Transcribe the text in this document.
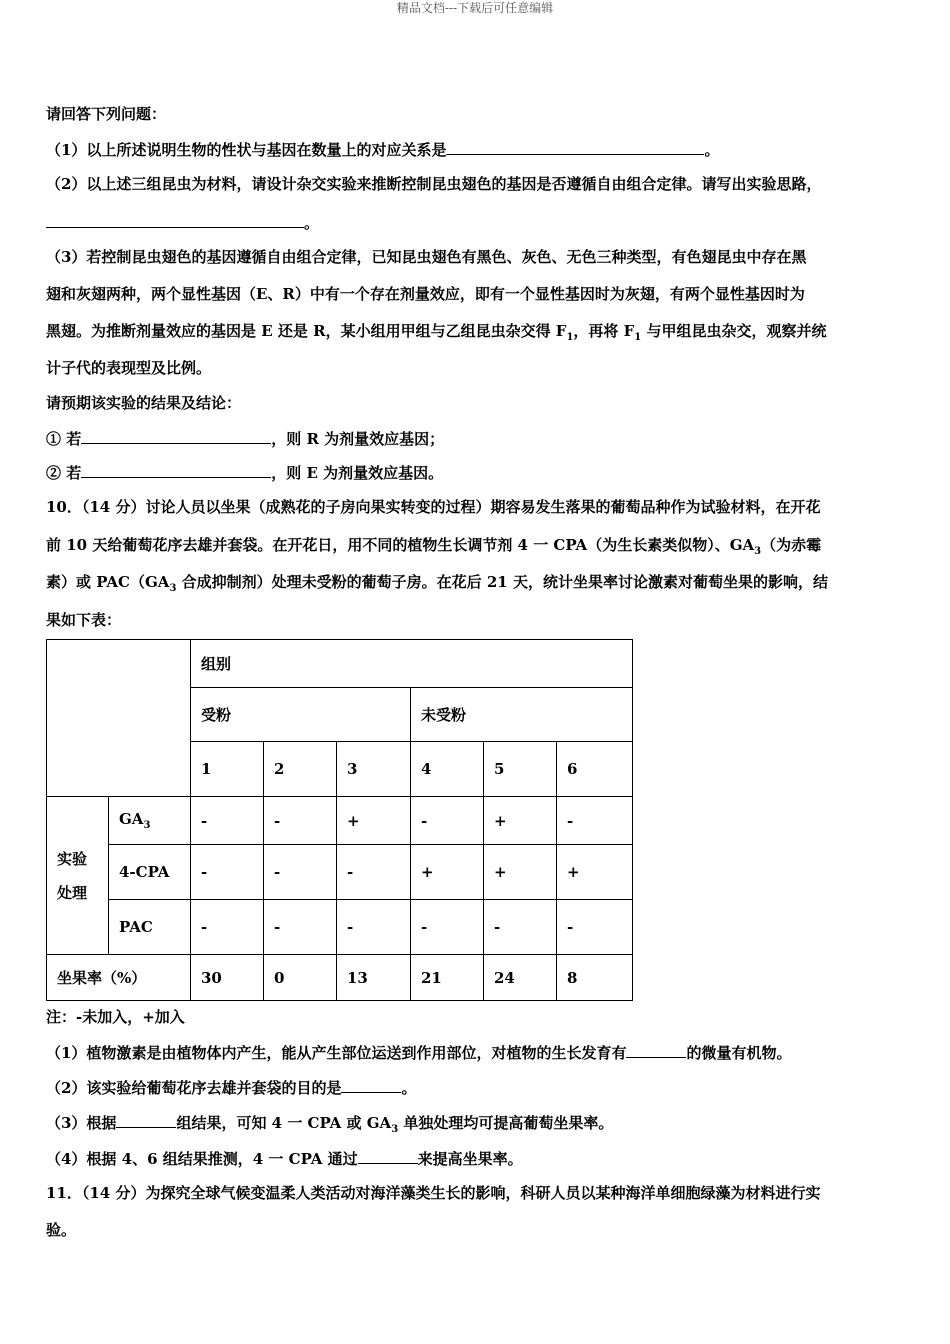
精品文档---下载后可任意编辑
请回答下列问题：
（1）以上所述说明生物的性状与基因在数量上的对应关系是	。
（2）以上述三组昆虫为材料，请设计杂交实验来推断控制昆虫翅色的基因是否遵循自由组合定律。请写出实验思路，
。
（3）若控制昆虫翅色的基因遵循自由组合定律，已知昆虫翅色有黑色、灰色、无色三种类型，有色翅昆虫中存在黑
翅和灰翅两种，两个显性基因（E、R）中有一个存在剂量效应，即有一个显性基因时为灰翅，有两个显性基因时为
黑翅。为推断剂量效应的基因是 E 还是 R，某小组用甲组与乙组昆虫杂交得 $F_1$，再将 $F_1$ 与甲组昆虫杂交，观察并统
计子代的表现型及比例。
请预期该实验的结果及结论：
① 若	，则 R 为剂量效应基因；
② 若	，则 E 为剂量效应基因。
10．（14 分）讨论人员以坐果（成熟花的子房向果实转变的过程）期容易发生落果的葡萄品种作为试验材料，在开花
前 10 天给葡萄花序去雄并套袋。在开花日，用不同的植物生长调节剂 4 一 CPA（为生长素类似物）、$GA_3$（为赤霉
素）或 $PAC(GA_3$ 合成抑制剂）处理未受粉的葡萄子房。在花后 21 天，统计坐果率讨论激素对葡萄坐果的影响，结
果如下表：
		组别					
		受粉			未受粉		
		1	2	3	4	5	6
实验
处理	$GA_3$	-	-	+	-	+	-
	4-CPA	-	-	-	+	+	+
	PAC	-	-	-	-	-	-
坐果率（%）		30	0	13	21	24	8
注：-未加入，+加入
（1）植物激素是由植物体内产生，能从产生部位运送到作用部位，对植物的生长发育有	的微量有机物。
（2）该实验给葡萄花序去雄并套袋的目的是	。
（3）根据	组结果，可知 4 一 CPA 或 $GA_3$ 单独处理均可提高葡萄坐果率。
（4）根据 4、6 组结果推测，4 一 CPA 通过	来提高坐果率。
11．（14 分）为探究全球气候变温柔人类活动对海洋藻类生长的影响，科研人员以某种海洋单细胞绿藻为材料进行实
验。
